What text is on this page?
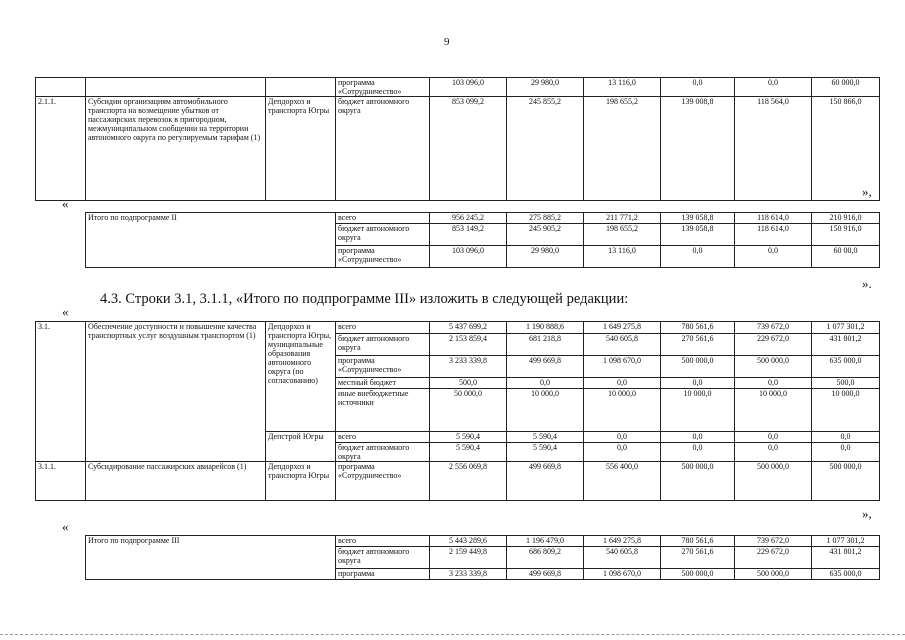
9
			программа «Сотрудничество»	103 096,0	29 980,0	13 116,0	0,0	0,0	60 000,0
2.1.1.	Субсидии организациям автомобильного транспорта на возмещение убытков от пассажирских перевозок в пригородном, межмуниципальном сообщении на территории автономного округа по регулируемым тарифам (1)	Депдорхоз и транспорта Югры	бюджет автономного округа	853 099,2	245 855,2	198 655,2	139 008,8	118 564,0	150 866,0
«
»,
Итого по подпрограмме II	всего	956 245,2	275 885,2	211 771,2	139 058,8	118 614,0	210 916,0
	бюджет автономного округа	853 149,2	245 905,2	198 655,2	139 058,8	118 614,0	150 916,0
	программа «Сотрудничество»	103 096,0	29 980,0	13 116,0	0,0	0,0	60 00,0
».
4.3. Строки 3.1, 3.1.1, «Итого по подпрограмме III» изложить в следующей редакции:
«
3.1.	Обеспечение доступности и повышение качества транспортных услуг воздушным транспортом (1)	Депдорхоз и транспорта Югры, муниципальные образования автономного округа (по согласованию)	всего	5 437 699,2	1 190 888,6	1 649 275,8	780 561,6	739 672,0	1 077 301,2
			бюджет автономного округа	2 153 859,4	681 218,8	540 605,8	270 561,6	229 672,0	431 801,2
			программа «Сотрудничество»	3 233 339,8	499 669,8	1 098 670,0	500 000,0	500 000,0	635 000,0
			местный бюджет	500,0	0,0	0,0	0,0	0,0	500,0
			иные внебюджетные источники	50 000,0	10 000,0	10 000,0	10 000,0	10 000,0	10 000,0
		Депстрой Югры	всего	5 590,4	5 590,4	0,0	0,0	0,0	0,0
			бюджет автономного округа	5 590,4	5 590,4	0,0	0,0	0,0	0,0
3.1.1.	Субсидирование пассажирских авиарейсов (1)	Депдорхоз и транспорта Югры	программа «Сотрудничество»	2 556 069,8	499 669,8	556 400,0	500 000,0	500 000,0	500 000,0
«
»,
Итого по подпрограмме III	всего	5 443 289,6	1 196 479,0	1 649 275,8	780 561,6	739 672,0	1 077 301,2
	бюджет автономного округа	2 159 449,8	686 809,2	540 605,8	270 561,6	229 672,0	431 801,2
	программа	3 233 339,8	499 669,8	1 098 670,0	500 000,0	500 000,0	635 000,0
